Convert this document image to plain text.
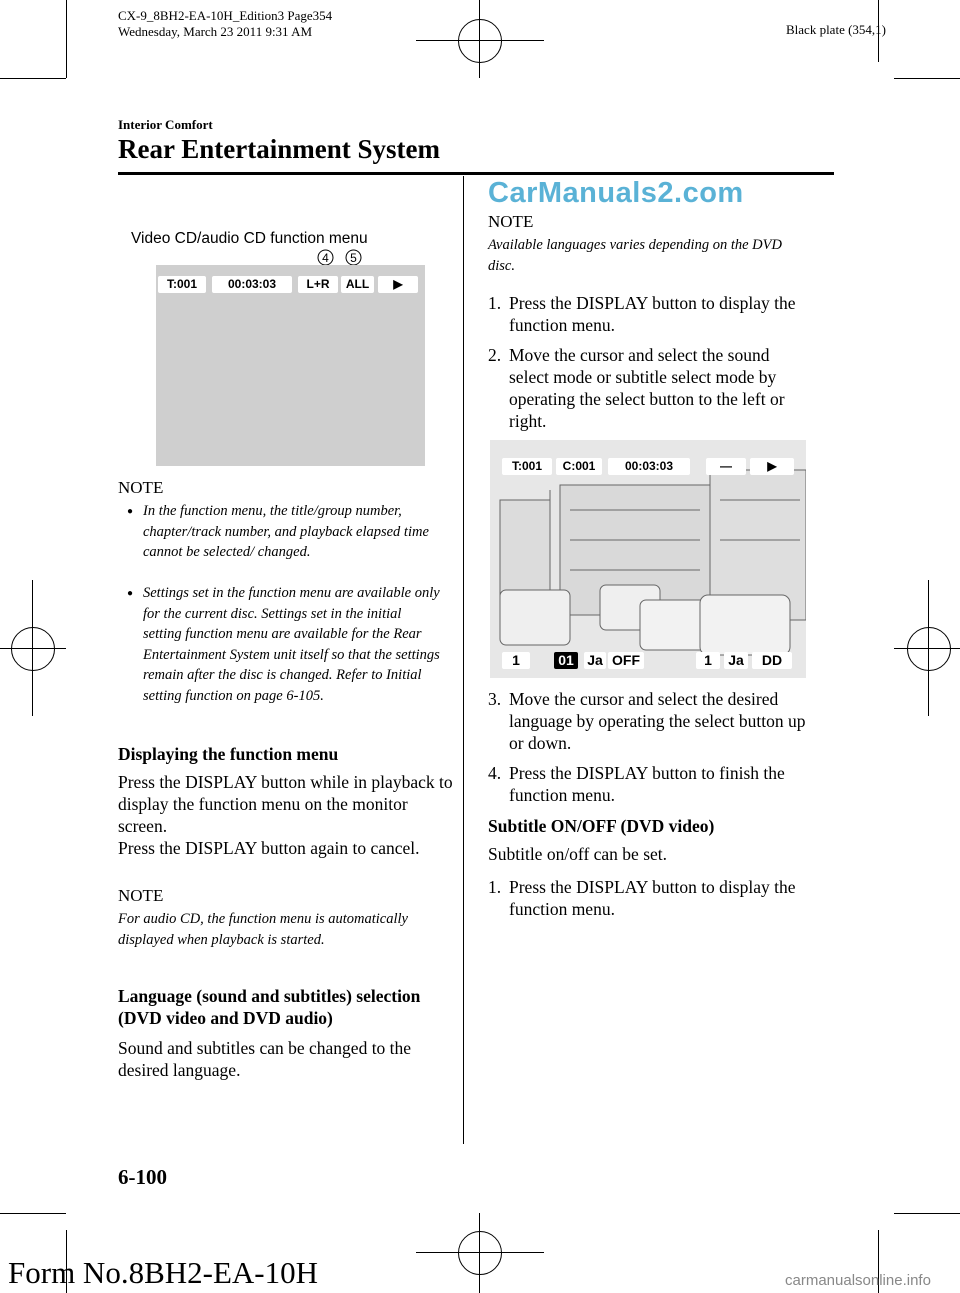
CX-9_8BH2-EA-10H_Edition3 Page354
Wednesday, March 23 2011 9:31 AM	Black plate (354,1)
Interior Comfort
Rear Entertainment System
CarManuals2.com
Video CD/audio CD function menu
4 5
T:001	00:03:03	L+R	ALL	▶
NOTE
● In the function menu, the title/group number, chapter/track number, and playback elapsed time cannot be selected/ changed.
● Settings set in the function menu are available only for the current disc. Settings set in the initial setting function menu are available for the Rear Entertainment System unit itself so that the settings remain after the disc is changed. Refer to Initial setting function on page 6-105.
Displaying the function menu
Press the DISPLAY button while in playback to display the function menu on the monitor screen.
Press the DISPLAY button again to cancel.
NOTE
For audio CD, the function menu is automatically displayed when playback is started.
Language (sound and subtitles) selection (DVD video and DVD audio)
Sound and subtitles can be changed to the desired language.
NOTE
Available languages varies depending on the DVD disc.
1. Press the DISPLAY button to display the function menu.
2. Move the cursor and select the sound select mode or subtitle select mode by operating the select button to the left or right.
T:001	C:001	00:03:03	—	▶
1	01 Ja OFF	1	Ja	DD
3. Move the cursor and select the desired language by operating the select button up or down.
4. Press the DISPLAY button to finish the function menu.
Subtitle ON/OFF (DVD video)
Subtitle on/off can be set.
1. Press the DISPLAY button to display the function menu.
6-100
Form No.8BH2-EA-10H	carmanualsonline.info
